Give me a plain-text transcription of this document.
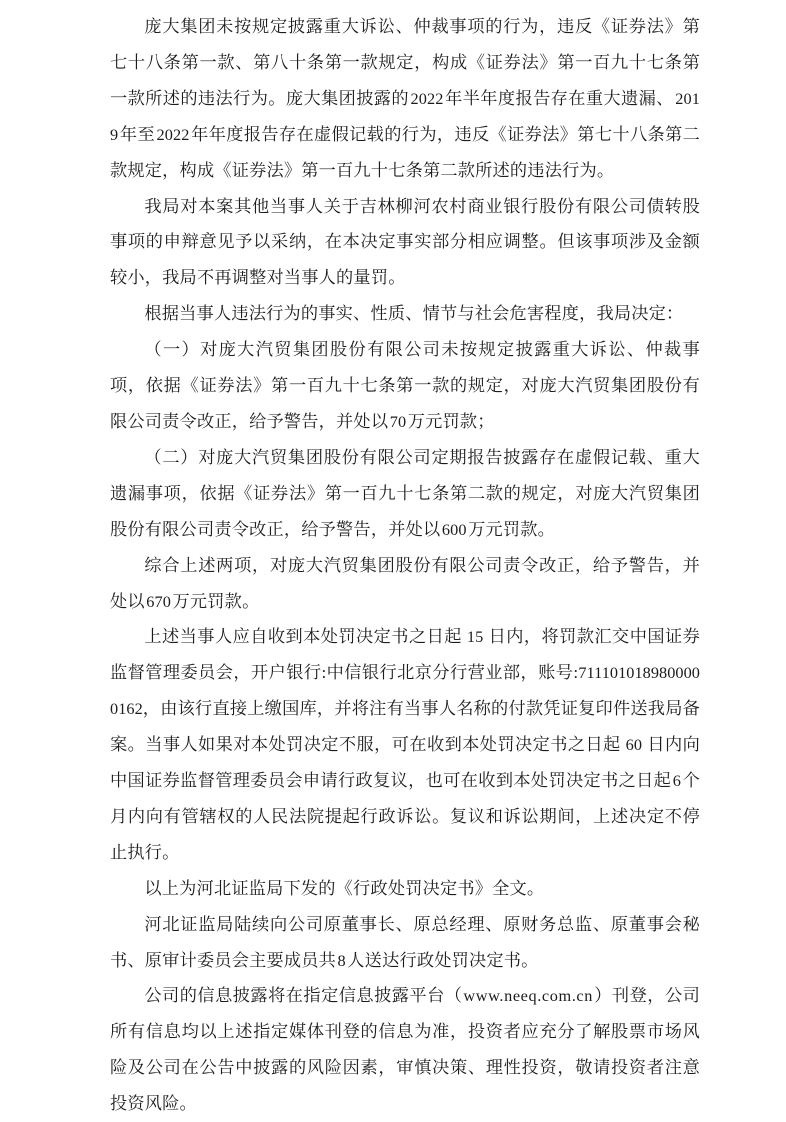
庞大集团未按规定披露重大诉讼、仲裁事项的行为，违反《证券法》第七十八条第一款、第八十条第一款规定，构成《证券法》第一百九十七条第一款所述的违法行为。庞大集团披露的2022年半年度报告存在重大遗漏、2019年至2022年年度报告存在虚假记载的行为，违反《证券法》第七十八条第二款规定，构成《证券法》第一百九十七条第二款所述的违法行为。

我局对本案其他当事人关于吉林柳河农村商业银行股份有限公司债转股事项的申辩意见予以采纳，在本决定事实部分相应调整。但该事项涉及金额较小，我局不再调整对当事人的量罚。

根据当事人违法行为的事实、性质、情节与社会危害程度，我局决定：

（一）对庞大汽贸集团股份有限公司未按规定披露重大诉讼、仲裁事项，依据《证券法》第一百九十七条第一款的规定，对庞大汽贸集团股份有限公司责令改正，给予警告，并处以70万元罚款；

（二）对庞大汽贸集团股份有限公司定期报告披露存在虚假记载、重大遗漏事项，依据《证券法》第一百九十七条第二款的规定，对庞大汽贸集团股份有限公司责令改正，给予警告，并处以600万元罚款。

综合上述两项，对庞大汽贸集团股份有限公司责令改正，给予警告，并处以670万元罚款。

上述当事人应自收到本处罚决定书之日起 15 日内，将罚款汇交中国证券监督管理委员会，开户银行:中信银行北京分行营业部，账号:7111010189800000162，由该行直接上缴国库，并将注有当事人名称的付款凭证复印件送我局备案。当事人如果对本处罚决定不服，可在收到本处罚决定书之日起 60 日内向中国证券监督管理委员会申请行政复议，也可在收到本处罚决定书之日起6个月内向有管辖权的人民法院提起行政诉讼。复议和诉讼期间，上述决定不停止执行。

以上为河北证监局下发的《行政处罚决定书》全文。

河北证监局陆续向公司原董事长、原总经理、原财务总监、原董事会秘书、原审计委员会主要成员共8人送达行政处罚决定书。

公司的信息披露将在指定信息披露平台（www.neeq.com.cn）刊登，公司所有信息均以上述指定媒体刊登的信息为准，投资者应充分了解股票市场风险及公司在公告中披露的风险因素，审慎决策、理性投资，敬请投资者注意投资风险。
